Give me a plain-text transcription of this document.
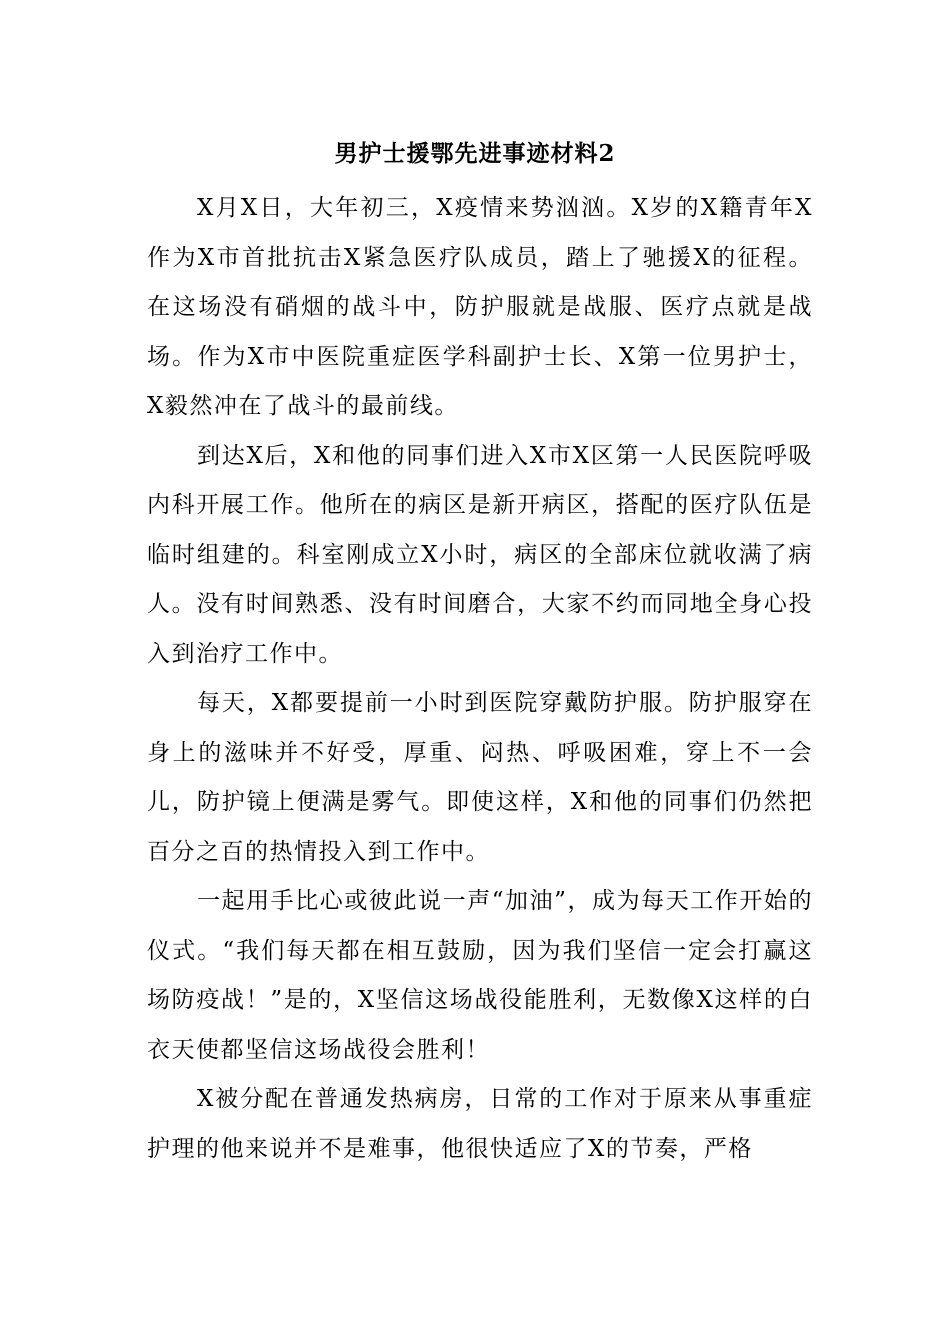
男护士援鄂先进事迹材料2

X月X日，大年初三，X疫情来势汹汹。X岁的X籍青年X作为X市首批抗击X紧急医疗队成员，踏上了驰援X的征程。在这场没有硝烟的战斗中，防护服就是战服、医疗点就是战场。作为X市中医院重症医学科副护士长、X第一位男护士，X毅然冲在了战斗的最前线。

到达X后，X和他的同事们进入X市X区第一人民医院呼吸内科开展工作。他所在的病区是新开病区，搭配的医疗队伍是临时组建的。科室刚成立X小时，病区的全部床位就收满了病人。没有时间熟悉、没有时间磨合，大家不约而同地全身心投入到治疗工作中。

每天，X都要提前一小时到医院穿戴防护服。防护服穿在身上的滋味并不好受，厚重、闷热、呼吸困难，穿上不一会儿，防护镜上便满是雾气。即使这样，X和他的同事们仍然把百分之百的热情投入到工作中。

一起用手比心或彼此说一声“加油”，成为每天工作开始的仪式。“我们每天都在相互鼓励，因为我们坚信一定会打赢这场防疫战！”是的，X坚信这场战役能胜利，无数像X这样的白衣天使都坚信这场战役会胜利！

X被分配在普通发热病房，日常的工作对于原来从事重症护理的他来说并不是难事，他很快适应了X的节奏，严格
